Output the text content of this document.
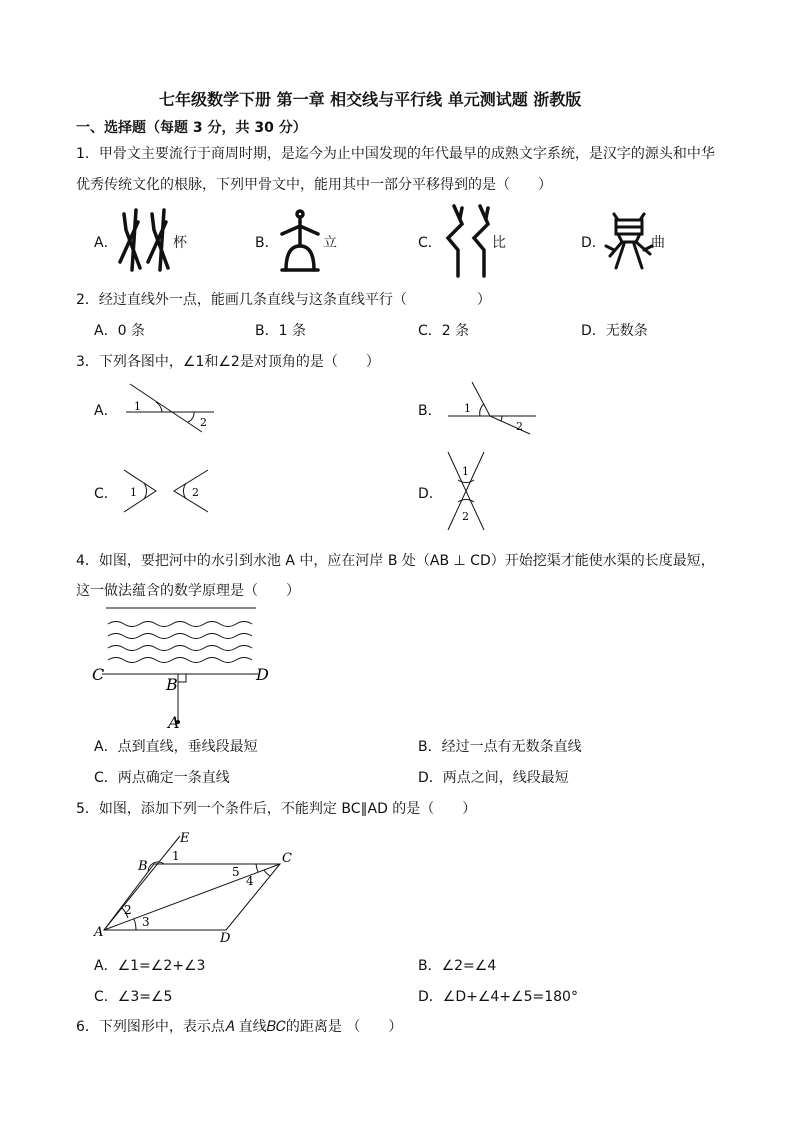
七年级数学下册 第一章 相交线与平行线 单元测试题 浙教版
一、选择题（每题 3 分，共 30 分）
1．甲骨文主要流行于商周时期，是迄今为止中国发现的年代最早的成熟文字系统，是汉字的源头和中华
优秀传统文化的根脉，下列甲骨文中，能用其中一部分平移得到的是（　　）
A．	杯	B．	立	C．	比	D．	曲
2．经过直线外一点，能画几条直线与这条直线平行（　　　　　）
A．0 条	B．1 条	C．2 条	D．无数条
3．下列各图中，∠1和∠2是对顶角的是（　　）
A． 1
2
B． 1
2
C． 1	2	D．
1
2
4．如图，要把河中的水引到水池 A 中，应在河岸 B 处（AB ⊥ CD）开始挖渠才能使水渠的长度最短，
这一做法蕴含的数学原理是（　　）
C
B
D
A
A．点到直线，垂线段最短	B．经过一点有无数条直线
C．两点确定一条直线	D．两点之间，线段最短
5．如图，添加下列一个条件后，不能判定 BC∥AD 的是（　　）
E
B
C
A	D
1
2
3
4
5
A．∠1=∠2+∠3	B．∠2=∠4
C．∠3=∠5	D．∠D+∠4+∠5=180°
6．下列图形中，表示点𝐴 直线𝐵𝐶的距离是 （　　）
